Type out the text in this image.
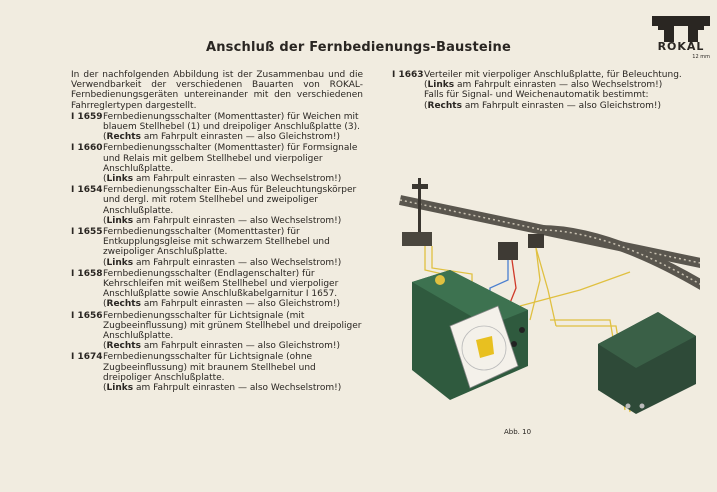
Anschluß der Fernbedienungs-Bausteine	ROKAL
12 mm

In der nachfolgenden Abbildung ist der Zusammenbau und die Verwendbarkeit der verschiedenen Bauarten von ROKAL-Fernbedienungsgeräten untereinander mit den verschiedenen Fahrreglertypen dargestellt.

I 1659 Fernbedienungsschalter (Momenttaster) für Weichen mit blauem Stellhebel (1) und dreipoliger Anschlußplatte (3).
(Rechts am Fahrpult einrasten — also Gleichstrom!)
I 1660 Fernbedienungsschalter (Momenttaster) für Formsignale und Relais mit gelbem Stellhebel und vierpoliger Anschlußplatte.
(Links am Fahrpult einrasten — also Wechselstrom!)
I 1654 Fernbedienungsschalter Ein-Aus für Beleuchtungskörper und dergl. mit rotem Stellhebel und zweipoliger Anschlußplatte.
(Links am Fahrpult einrasten — also Wechselstrom!)
I 1655 Fernbedienungsschalter (Momenttaster) für Entkupplungsgleise mit schwarzem Stellhebel und zweipoliger Anschlußplatte.
(Links am Fahrpult einrasten — also Wechselstrom!)
I 1658 Fernbedienungsschalter (Endlagenschalter) für Kehrschleifen mit weißem Stellhebel und vierpoliger Anschlußplatte sowie Anschlußkabelgarnitur I 1657.
(Rechts am Fahrpult einrasten — also Gleichstrom!)
I 1656 Fernbedienungsschalter für Lichtsignale (mit Zugbeeinflussung) mit grünem Stellhebel und dreipoliger Anschlußplatte.
(Rechts am Fahrpult einrasten — also Gleichstrom!)
I 1674 Fernbedienungsschalter für Lichtsignale (ohne Zugbeeinflussung) mit braunem Stellhebel und dreipoliger Anschlußplatte.
(Links am Fahrpult einrasten — also Wechselstrom!)
I 1663 Verteiler mit vierpoliger Anschlußplatte, für Beleuchtung.
(Links am Fahrpult einrasten — also Wechselstrom!)
Falls für Signal- und Weichenautomatik bestimmt:
(Rechts am Fahrpult einrasten — also Gleichstrom!)
Abb. 10
